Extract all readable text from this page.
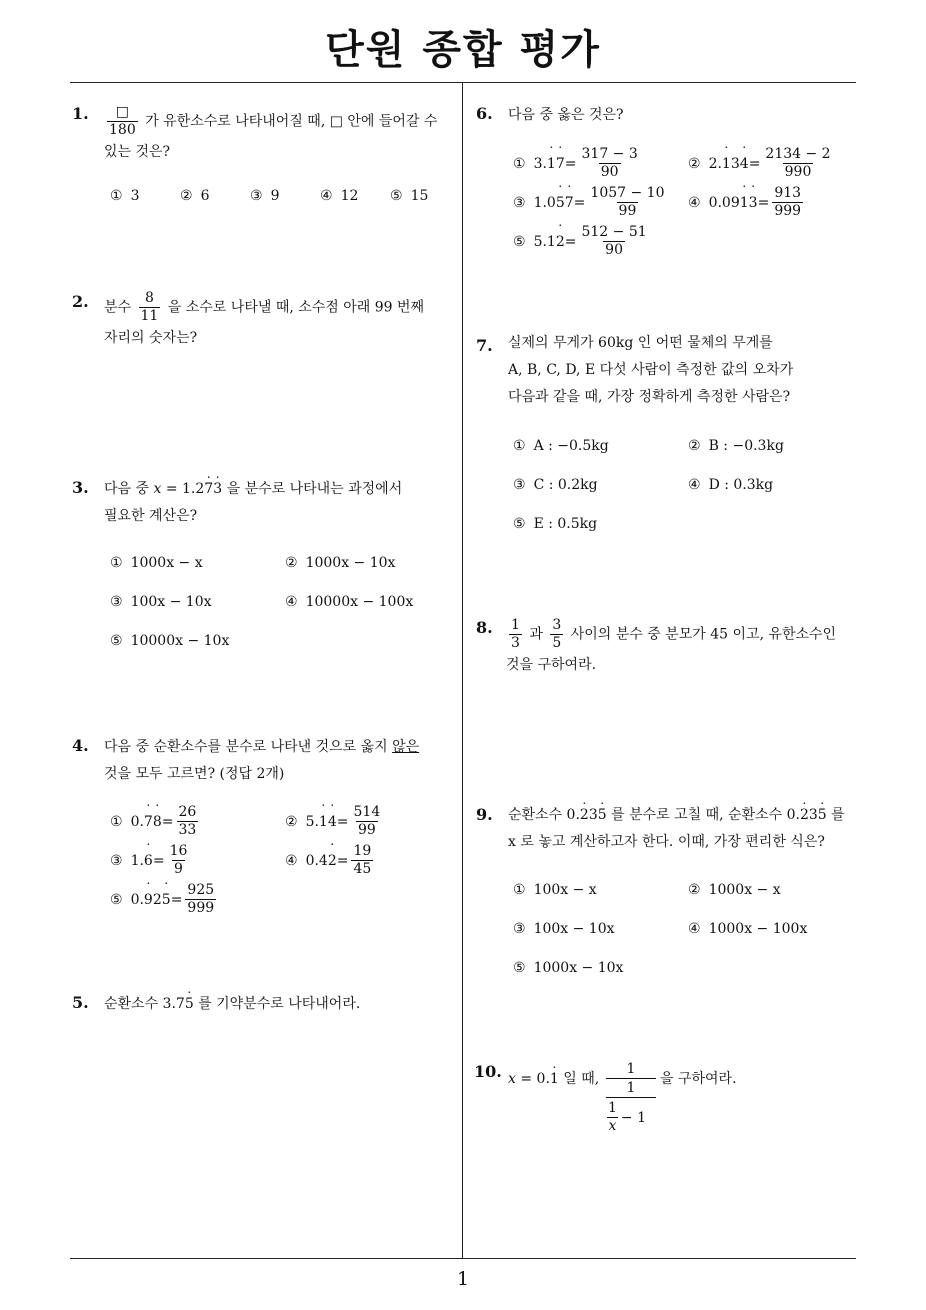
단원 종합 평가
1
1. $\frac{□}{180}$ 가 유한소수로 나타내어질 때, □ 안에 들어갈 수
있는 것은?
① 3	② 6	③ 9	④ 12 ⑤ 15
2. 분수 $\frac{8}{11}$ 을 소수로 나타낼 때, 소수점 아래 99 번째
자리의 숫자는?
3. 다음 중 x = 1.27 ˙3 ˙ 을 분수로 나타내는 과정에서
필요한 계산은?
① 1000x − x	② 1000x − 10x
③ 100x − 10x	④ 10000x − 100x
⑤ 10000x − 10x
4. 다음 중 순환소수를 분수로 나타낸 것으로 옳지 않은
것을 모두 고르면? (정답 2개)
① 0. 7 ˙ 8 ˙ = $\frac{26}{33}$	② 5. 1 ˙ 4 ˙ = $\frac{514}{99}$
③ 1. 6 ˙ = $\frac{16}{9}$	④ 0.4 2 ˙ = $\frac{19}{45}$
⑤ 0. 9 ˙ 2 5 ˙ = $\frac{925}{999}$
5. 순환소수 3.75 ˙ 를 기약분수로 나타내어라.
6. 다음 중 옳은 것은?
① 3. 1 ˙ 7 ˙ = $\frac{317 - 3}{90}$	② 2. 1 ˙ 3 4 ˙ = $\frac{2134 - 2}{990}$
③ 1.0 5 ˙ 7 ˙ = $\frac{1057 - 10}{99}$ ④ 0.09 1 ˙ 3 ˙ = $\frac{913}{999}$
⑤ 5.1 2 ˙ = $\frac{512 - 51}{90}$
7. 실제의 무게가 60kg 인 어떤 물체의 무게를
A, B, C, D, E 다섯 사람이 측정한 값의 오차가
다음과 같을 때, 가장 정확하게 측정한 사람은?
① A : −0.5kg	② B : −0.3kg
③ C : 0.2kg	④ D : 0.3kg
⑤ E : 0.5kg
8. $\frac{1}{3}$ 과 $\frac{3}{5}$ 사이의 분수 중 분모가 45 이고, 유한소수인
것을 구하여라.
9. 순환소수 0.2 ˙35 ˙ 를 분수로 고칠 때, 순환소수 0.2 ˙35 ˙ 를
x 로 놓고 계산하고자 한다. 이때, 가장 편리한 식은?
① 100x − x	② 1000x − x
③ 100x − 10x	④ 1000x − 100x
⑤ 1000x − 10x
10. x = 0.1 ˙ 일 때,
1
1
$\frac{1}{x} - 1$
을 구하여라.
